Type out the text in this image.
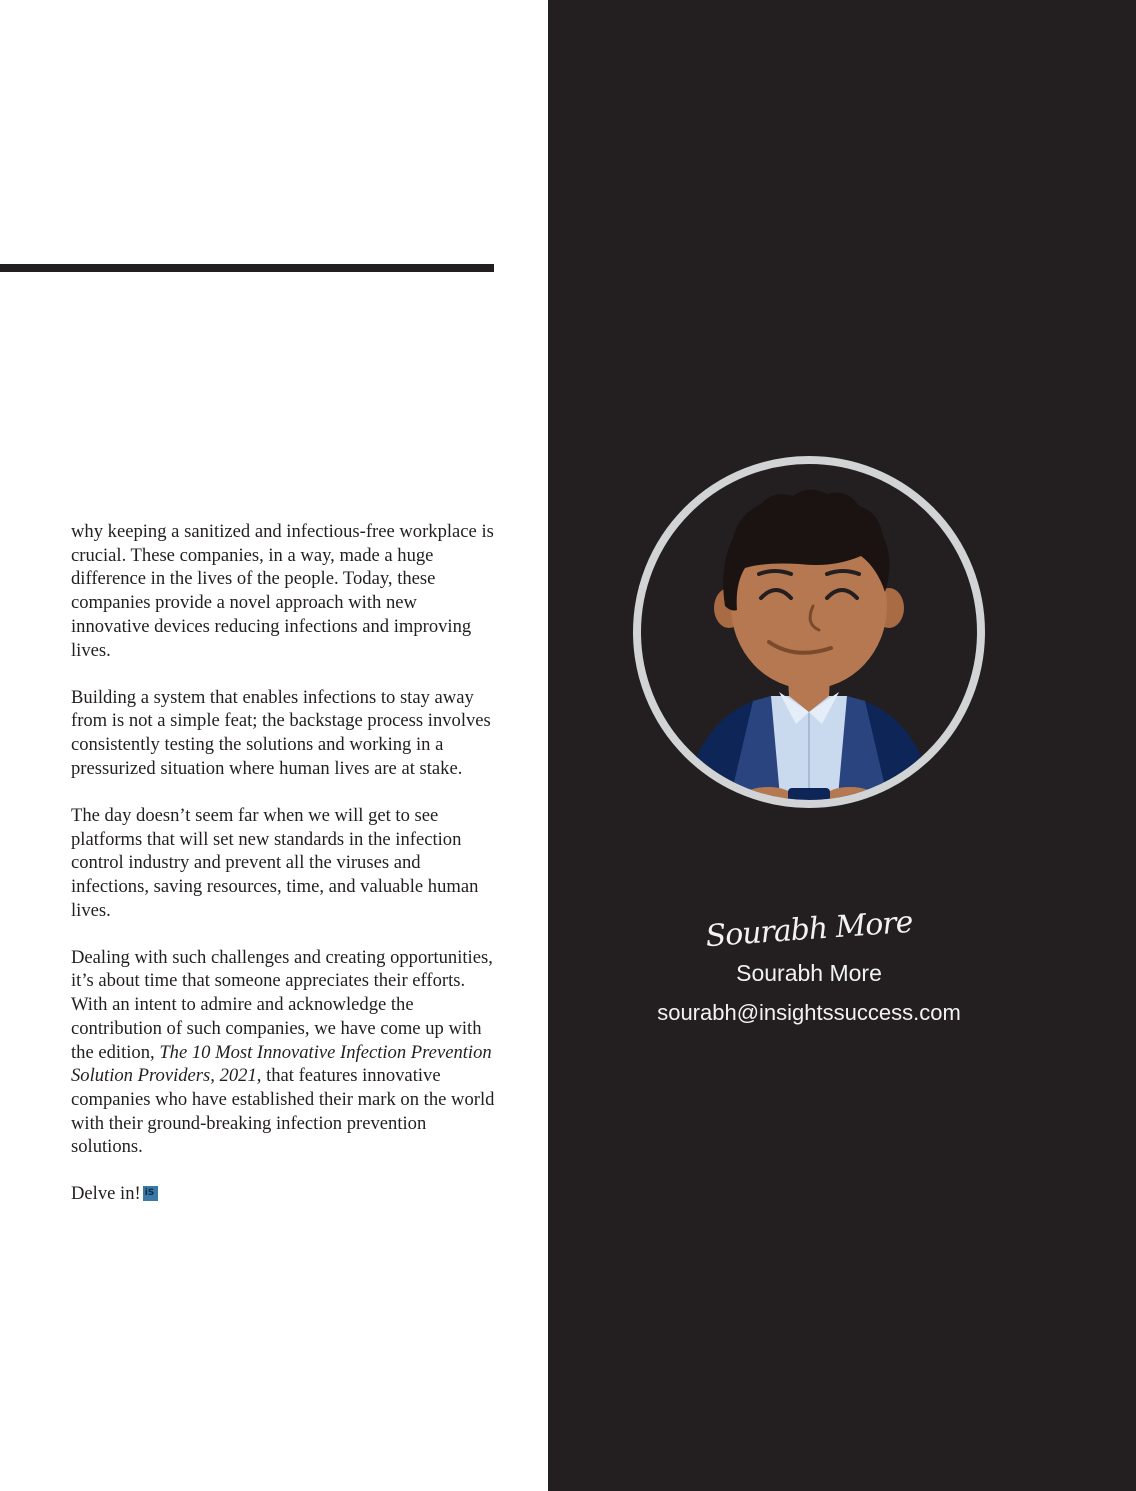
why keeping a sanitized and infectious-free workplace is crucial. These companies, in a way, made a huge difference in the lives of the people. Today, these companies provide a novel approach with new innovative devices reducing infections and improving lives.

Building a system that enables infections to stay away from is not a simple feat; the backstage process involves consistently testing the solutions and working in a pressurized situation where human lives are at stake.

The day doesn’t seem far when we will get to see platforms that will set new standards in the infection control industry and prevent all the viruses and infections, saving resources, time, and valuable human lives.

Dealing with such challenges and creating opportunities, it’s about time that someone appreciates their efforts. With an intent to admire and acknowledge the contribution of such companies, we have come up with the edition, The 10 Most Innovative Infection Prevention Solution Providers, 2021, that features innovative companies who have established their mark on the world with their ground-breaking infection prevention solutions.

Delve in! iS

Sourabh More
Sourabh More
sourabh@insightssuccess.com
